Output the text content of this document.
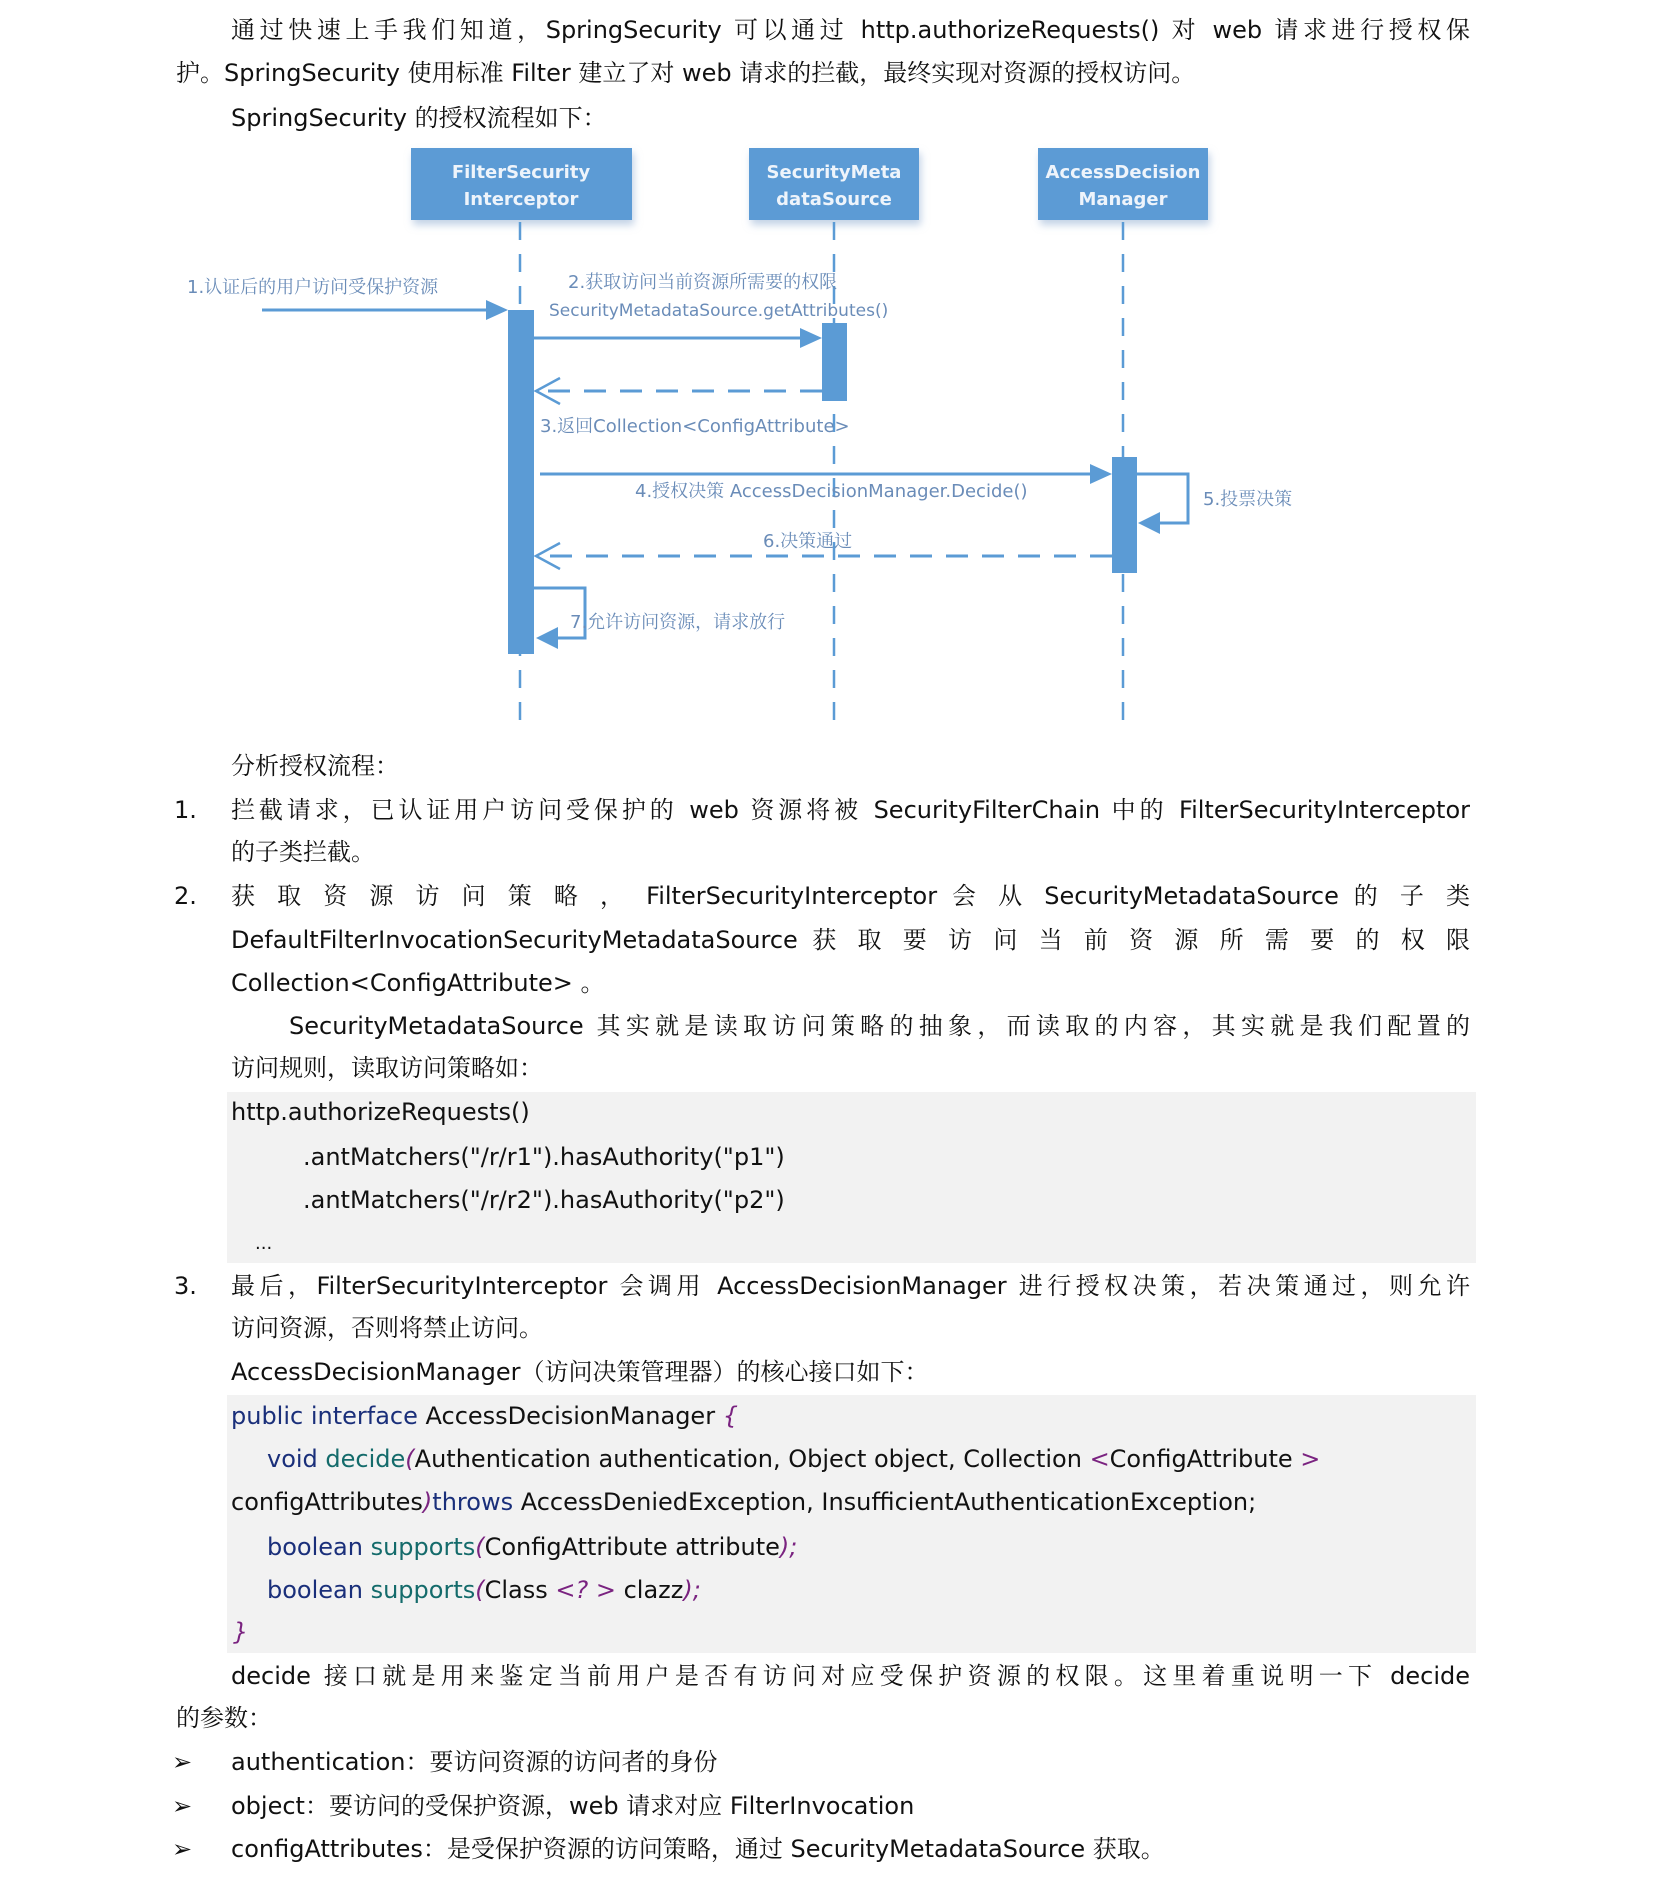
通过快速上手我们知道，SpringSecurity 可以通过 http.authorizeRequests() 对 web 请求进行授权保
护。SpringSecurity 使用标准 Filter 建立了对 web 请求的拦截，最终实现对资源的授权访问。
SpringSecurity 的授权流程如下：
FilterSecurity
Interceptor
SecurityMeta
dataSource
AccessDecision
Manager
1.认证后的用户访问受保护资源	2.获取访问当前资源所需要的权限
SecurityMetadataSource.getAttributes()
3.返回Collection<ConfigAttribute>
4.授权决策 AccessDecisionManager.Decide()	5.投票决策
6.决策通过
7.允许访问资源，请求放行
分析授权流程：
1. 拦截请求，已认证用户访问受保护的 web 资源将被 SecurityFilterChain 中的 FilterSecurityInterceptor
的子类拦截。
2. 获 取 资 源 访 问 策 略 ， FilterSecurityInterceptor 会 从 SecurityMetadataSource 的 子 类
DefaultFilterInvocationSecurityMetadataSource 获 取 要 访 问 当 前 资 源 所 需 要 的 权 限
Collection<ConfigAttribute> 。
SecurityMetadataSource 其实就是读取访问策略的抽象，而读取的内容，其实就是我们配置的
访问规则，读取访问策略如：
http.authorizeRequests()
.antMatchers("/r/r1").hasAuthority("p1")
.antMatchers("/r/r2").hasAuthority("p2")
...
3. 最后，FilterSecurityInterceptor 会调用 AccessDecisionManager 进行授权决策，若决策通过，则允许
访问资源，否则将禁止访问。
AccessDecisionManager（访问决策管理器）的核心接口如下：
public interface AccessDecisionManager {
void decide(Authentication authentication, Object object, Collection <ConfigAttribute >
configAttributes)throws AccessDeniedException, InsufficientAuthenticationException;
boolean supports(ConfigAttribute attribute);
boolean supports(Class <? > clazz);
}
decide 接口就是用来鉴定当前用户是否有访问对应受保护资源的权限。这里着重说明一下 decide
的参数：
➢ authentication：要访问资源的访问者的身份
➢ object：要访问的受保护资源，web 请求对应 FilterInvocation
➢ configAttributes：是受保护资源的访问策略，通过 SecurityMetadataSource 获取。
